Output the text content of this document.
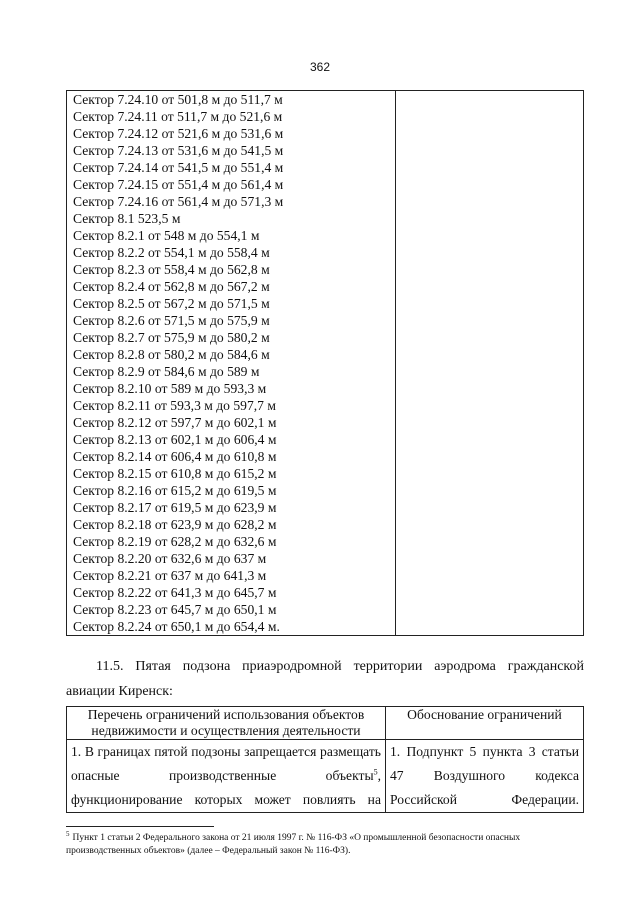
362
Сектор 7.24.10 от 501,8 м до 511,7 м
Сектор 7.24.11 от 511,7 м до 521,6 м
Сектор 7.24.12 от 521,6 м до 531,6 м
Сектор 7.24.13 от 531,6 м до 541,5 м
Сектор 7.24.14 от 541,5 м до 551,4 м
Сектор 7.24.15 от 551,4 м до 561,4 м
Сектор 7.24.16 от 561,4 м до 571,3 м
Сектор 8.1 523,5 м
Сектор 8.2.1 от 548 м до 554,1 м
Сектор 8.2.2 от 554,1 м до 558,4 м
Сектор 8.2.3 от 558,4 м до 562,8 м
Сектор 8.2.4 от 562,8 м до 567,2 м
Сектор 8.2.5 от 567,2 м до 571,5 м
Сектор 8.2.6 от 571,5 м до 575,9 м
Сектор 8.2.7 от 575,9 м до 580,2 м
Сектор 8.2.8 от 580,2 м до 584,6 м
Сектор 8.2.9 от 584,6 м до 589 м
Сектор 8.2.10 от 589 м до 593,3 м
Сектор 8.2.11 от 593,3 м до 597,7 м
Сектор 8.2.12 от 597,7 м до 602,1 м
Сектор 8.2.13 от 602,1 м до 606,4 м
Сектор 8.2.14 от 606,4 м до 610,8 м
Сектор 8.2.15 от 610,8 м до 615,2 м
Сектор 8.2.16 от 615,2 м до 619,5 м
Сектор 8.2.17 от 619,5 м до 623,9 м
Сектор 8.2.18 от 623,9 м до 628,2 м
Сектор 8.2.19 от 628,2 м до 632,6 м
Сектор 8.2.20 от 632,6 м до 637 м
Сектор 8.2.21 от 637 м до 641,3 м
Сектор 8.2.22 от 641,3 м до 645,7 м
Сектор 8.2.23 от 645,7 м до 650,1 м
Сектор 8.2.24 от 650,1 м до 654,4 м.

11.5. Пятая подзона приаэродромной территории аэродрома гражданской авиации Киренск:
Перечень ограничений использования объектов недвижимости и осуществления деятельности	Обоснование ограничений
1. В границах пятой подзоны запрещается размещать опасные производственные объекты$^5$, функционирование которых может повлиять на	1. Подпункт 5 пункта 3 статьи 47 Воздушного кодекса Российской Федерации.
$^5$ Пункт 1 статьи 2 Федерального закона от 21 июля 1997 г. № 116-ФЗ «О промышленной безопасности опасных производственных объектов» (далее – Федеральный закон № 116-ФЗ).
